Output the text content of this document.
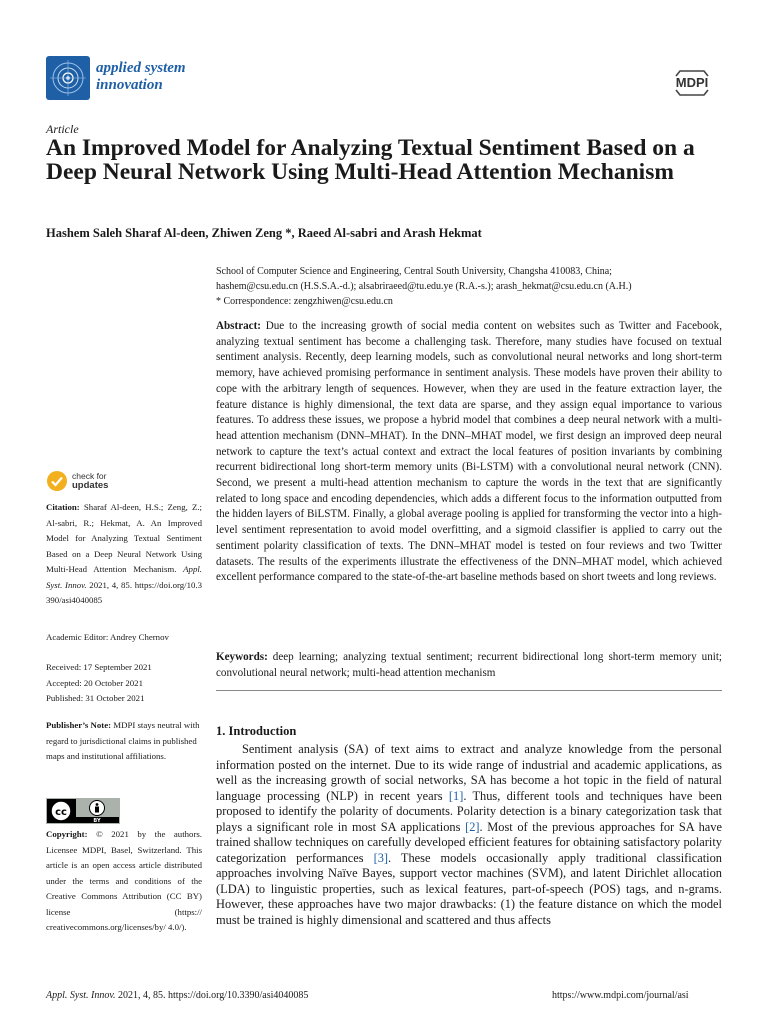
applied system
innovation	MDPI
Article
An Improved Model for Analyzing Textual Sentiment Based on a Deep Neural Network Using Multi-Head Attention Mechanism
Hashem Saleh Sharaf Al-deen, Zhiwen Zeng *, Raeed Al-sabri and Arash Hekmat
School of Computer Science and Engineering, Central South University, Changsha 410083, China;
hashem@csu.edu.cn (H.S.S.A.-d.); alsabriraeed@tu.edu.ye (R.A.-s.); arash_hekmat@csu.edu.cn (A.H.)
* Correspondence: zengzhiwen@csu.edu.cn

Abstract: Due to the increasing growth of social media content on websites such as Twitter and Facebook, analyzing textual sentiment has become a challenging task. Therefore, many studies have focused on textual sentiment analysis. Recently, deep learning models, such as convolutional neural networks and long short-term memory, have achieved promising performance in sentiment analysis. These models have proven their ability to cope with the arbitrary length of sequences. However, when they are used in the feature extraction layer, the feature distance is highly dimensional, the text data are sparse, and they assign equal importance to various features. To address these issues, we propose a hybrid model that combines a deep neural network with a multi-head attention mechanism (DNN–MHAT). In the DNN–MHAT model, we first design an improved deep neural network to capture the text’s actual context and extract the local features of position invariants by combining recurrent bidirectional long short-term memory units (Bi-LSTM) with a convolutional neural network (CNN). Second, we present a multi-head attention mechanism to capture the words in the text that are significantly related to long space and encoding dependencies, which adds a different focus to the information outputted from the hidden layers of BiLSTM. Finally, a global average pooling is applied for transforming the vector into a high-level sentiment representation to avoid model overfitting, and a sigmoid classifier is applied to carry out the sentiment polarity classification of texts. The DNN–MHAT model is tested on four reviews and two Twitter datasets. The results of the experiments illustrate the effectiveness of the DNN–MHAT model, which achieved excellent performance compared to the state-of-the-art baseline methods based on short tweets and long reviews.

Keywords: deep learning; analyzing textual sentiment; recurrent bidirectional long short-term memory unit; convolutional neural network; multi-head attention mechanism

check for
updates
Citation: Sharaf Al-deen, H.S.; Zeng, Z.; Al-sabri, R.; Hekmat, A. An Improved Model for Analyzing Textual Sentiment Based on a Deep Neural Network Using Multi-Head Attention Mechanism. Appl. Syst. Innov. 2021, 4, 85. https://doi.org/10.3390/asi4040085
Academic Editor: Andrey Chernov
Received: 17 September 2021
Accepted: 20 October 2021
Published: 31 October 2021
Publisher’s Note: MDPI stays neutral with regard to jurisdictional claims in published maps and institutional affiliations.
cc
BY
Copyright: © 2021 by the authors. Licensee MDPI, Basel, Switzerland. This article is an open access article distributed under the terms and conditions of the Creative Commons Attribution (CC BY) license (https:// creativecommons.org/licenses/by/ 4.0/).
1. Introduction

Sentiment analysis (SA) of text aims to extract and analyze knowledge from the personal information posted on the internet. Due to its wide range of industrial and academic applications, as well as the increasing growth of social networks, SA has become a hot topic in the field of natural language processing (NLP) in recent years [1]. Thus, different tools and techniques have been proposed to identify the polarity of documents. Polarity detection is a binary categorization task that plays a significant role in most SA applications [2]. Most of the previous approaches for SA have trained shallow techniques on carefully developed efficient features for obtaining satisfactory polarity categorization performances [3]. These models occasionally apply traditional classification approaches involving Naïve Bayes, support vector machines (SVM), and latent Dirichlet allocation (LDA) to linguistic properties, such as lexical features, part-of-speech (POS) tags, and n-grams. However, these approaches have two major drawbacks: (1) the feature distance on which the model must be trained is highly dimensional and scattered and thus affects

Appl. Syst. Innov. 2021, 4, 85. https://doi.org/10.3390/asi4040085	https://www.mdpi.com/journal/asi
